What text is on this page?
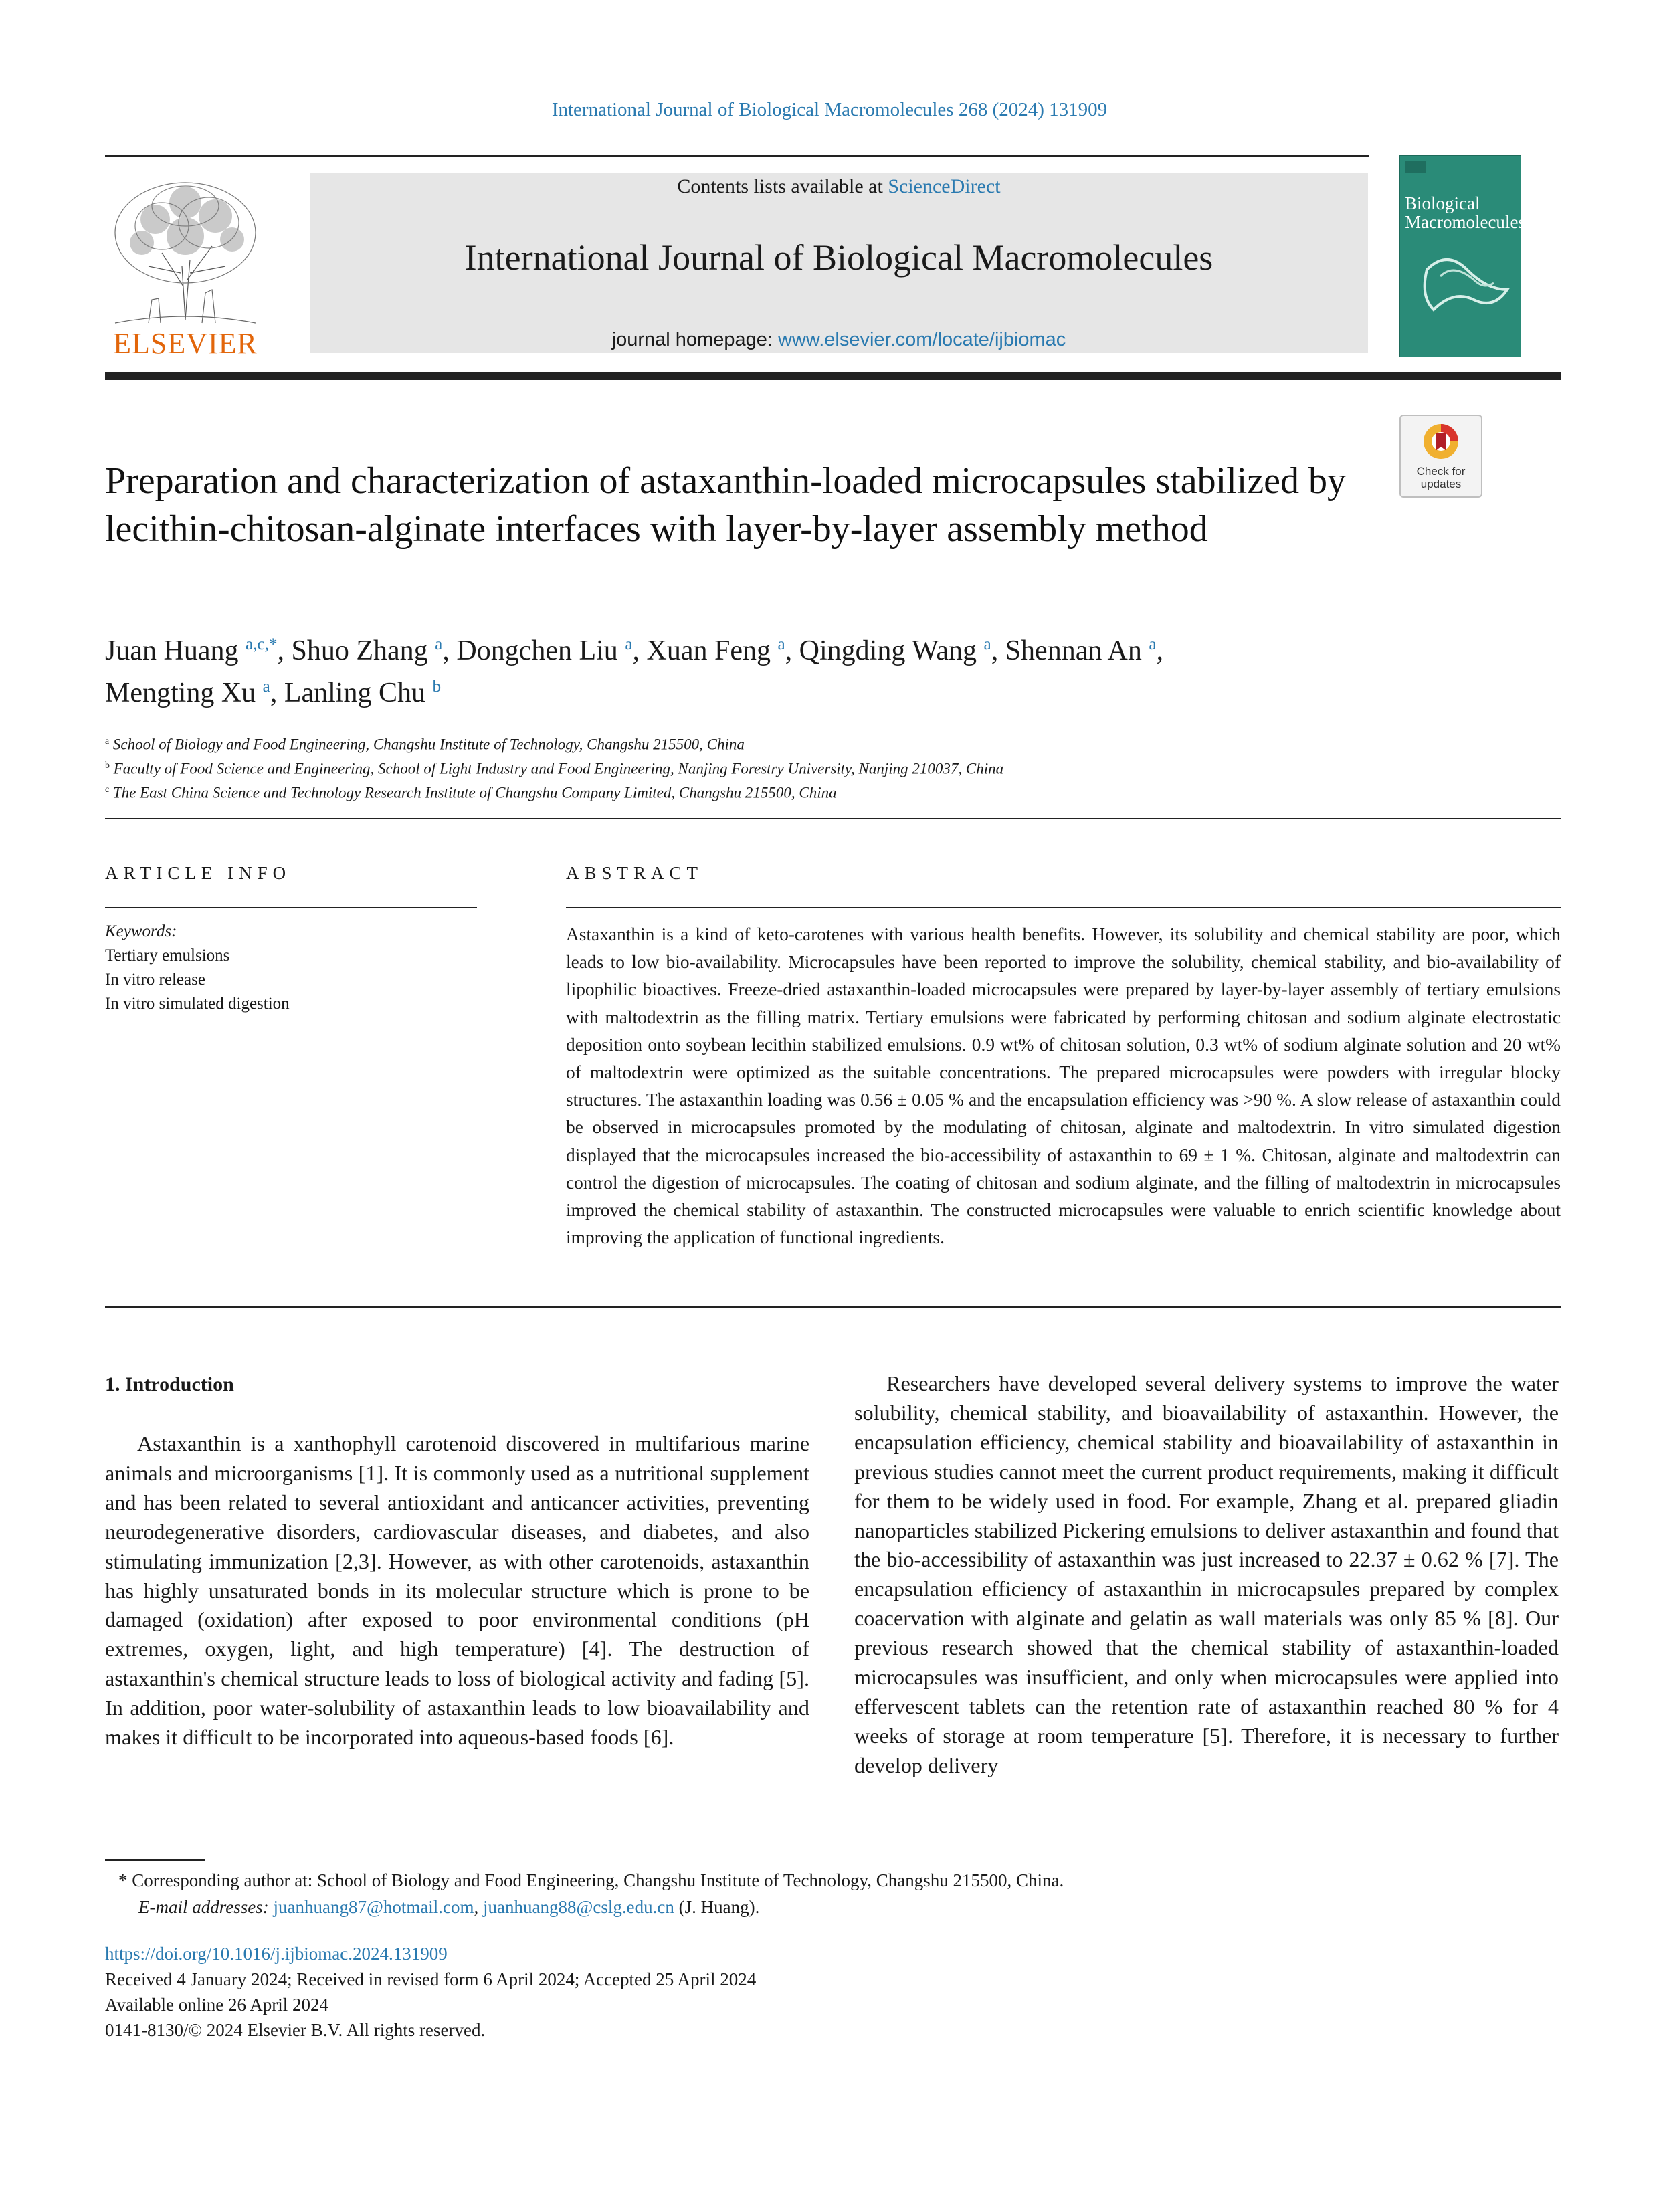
International Journal of Biological Macromolecules 268 (2024) 131909
ELSEVIER
Contents lists available at ScienceDirect
International Journal of Biological Macromolecules
journal homepage: www.elsevier.com/locate/ijbiomac
Biological Macromolecules
Check for updates
Preparation and characterization of astaxanthin-loaded microcapsules stabilized by lecithin-chitosan-alginate interfaces with layer-by-layer assembly method
Juan Huang $^{a,c,*}$, Shuo Zhang $^a$, Dongchen Liu $^a$, Xuan Feng $^a$, Qingding Wang $^a$, Shennan An $^a$,
Mengting Xu $^a$, Lanling Chu $^b$
$^a$ School of Biology and Food Engineering, Changshu Institute of Technology, Changshu 215500, China
$^b$ Faculty of Food Science and Engineering, School of Light Industry and Food Engineering, Nanjing Forestry University, Nanjing 210037, China
$^c$ The East China Science and Technology Research Institute of Changshu Company Limited, Changshu 215500, China
ARTICLE INFO
Keywords:
Tertiary emulsions
In vitro release
In vitro simulated digestion
ABSTRACT
Astaxanthin is a kind of keto-carotenes with various health benefits. However, its solubility and chemical stability are poor, which leads to low bio-availability. Microcapsules have been reported to improve the solubility, chemical stability, and bio-availability of lipophilic bioactives. Freeze-dried astaxanthin-loaded microcapsules were prepared by layer-by-layer assembly of tertiary emulsions with maltodextrin as the filling matrix. Tertiary emulsions were fabricated by performing chitosan and sodium alginate electrostatic deposition onto soybean lecithin stabilized emulsions. 0.9 wt% of chitosan solution, 0.3 wt% of sodium alginate solution and 20 wt% of maltodextrin were optimized as the suitable concentrations. The prepared microcapsules were powders with irregular blocky structures. The astaxanthin loading was 0.56 ± 0.05 % and the encapsulation efficiency was >90 %. A slow release of astaxanthin could be observed in microcapsules promoted by the modulating of chitosan, alginate and maltodextrin. In vitro simulated digestion displayed that the microcapsules increased the bio-accessibility of astaxanthin to 69 ± 1 %. Chitosan, alginate and maltodextrin can control the digestion of microcapsules. The coating of chitosan and sodium alginate, and the filling of maltodextrin in microcapsules improved the chemical stability of astaxanthin. The constructed microcapsules were valuable to enrich scientific knowledge about improving the application of functional ingredients.
1. Introduction
Astaxanthin is a xanthophyll carotenoid discovered in multifarious marine animals and microorganisms [1]. It is commonly used as a nutritional supplement and has been related to several antioxidant and anticancer activities, preventing neurodegenerative disorders, cardiovascular diseases, and diabetes, and also stimulating immunization [2,3]. However, as with other carotenoids, astaxanthin has highly unsaturated bonds in its molecular structure which is prone to be damaged (oxidation) after exposed to poor environmental conditions (pH extremes, oxygen, light, and high temperature) [4]. The destruction of astaxanthin's chemical structure leads to loss of biological activity and fading [5]. In addition, poor water-solubility of astaxanthin leads to low bioavailability and makes it difficult to be incorporated into aqueous-based foods [6].
Researchers have developed several delivery systems to improve the water solubility, chemical stability, and bioavailability of astaxanthin. However, the encapsulation efficiency, chemical stability and bioavailability of astaxanthin in previous studies cannot meet the current product requirements, making it difficult for them to be widely used in food. For example, Zhang et al. prepared gliadin nanoparticles stabilized Pickering emulsions to deliver astaxanthin and found that the bio-accessibility of astaxanthin was just increased to 22.37 ± 0.62 % [7]. The encapsulation efficiency of astaxanthin in microcapsules prepared by complex coacervation with alginate and gelatin as wall materials was only 85 % [8]. Our previous research showed that the chemical stability of astaxanthin-loaded microcapsules was insufficient, and only when microcapsules were applied into effervescent tablets can the retention rate of astaxanthin reached 80 % for 4 weeks of storage at room temperature [5]. Therefore, it is necessary to further develop delivery
* Corresponding author at: School of Biology and Food Engineering, Changshu Institute of Technology, Changshu 215500, China.
E-mail addresses: juanhuang87@hotmail.com, juanhuang88@cslg.edu.cn (J. Huang).
https://doi.org/10.1016/j.ijbiomac.2024.131909
Received 4 January 2024; Received in revised form 6 April 2024; Accepted 25 April 2024
Available online 26 April 2024
0141-8130/© 2024 Elsevier B.V. All rights reserved.
